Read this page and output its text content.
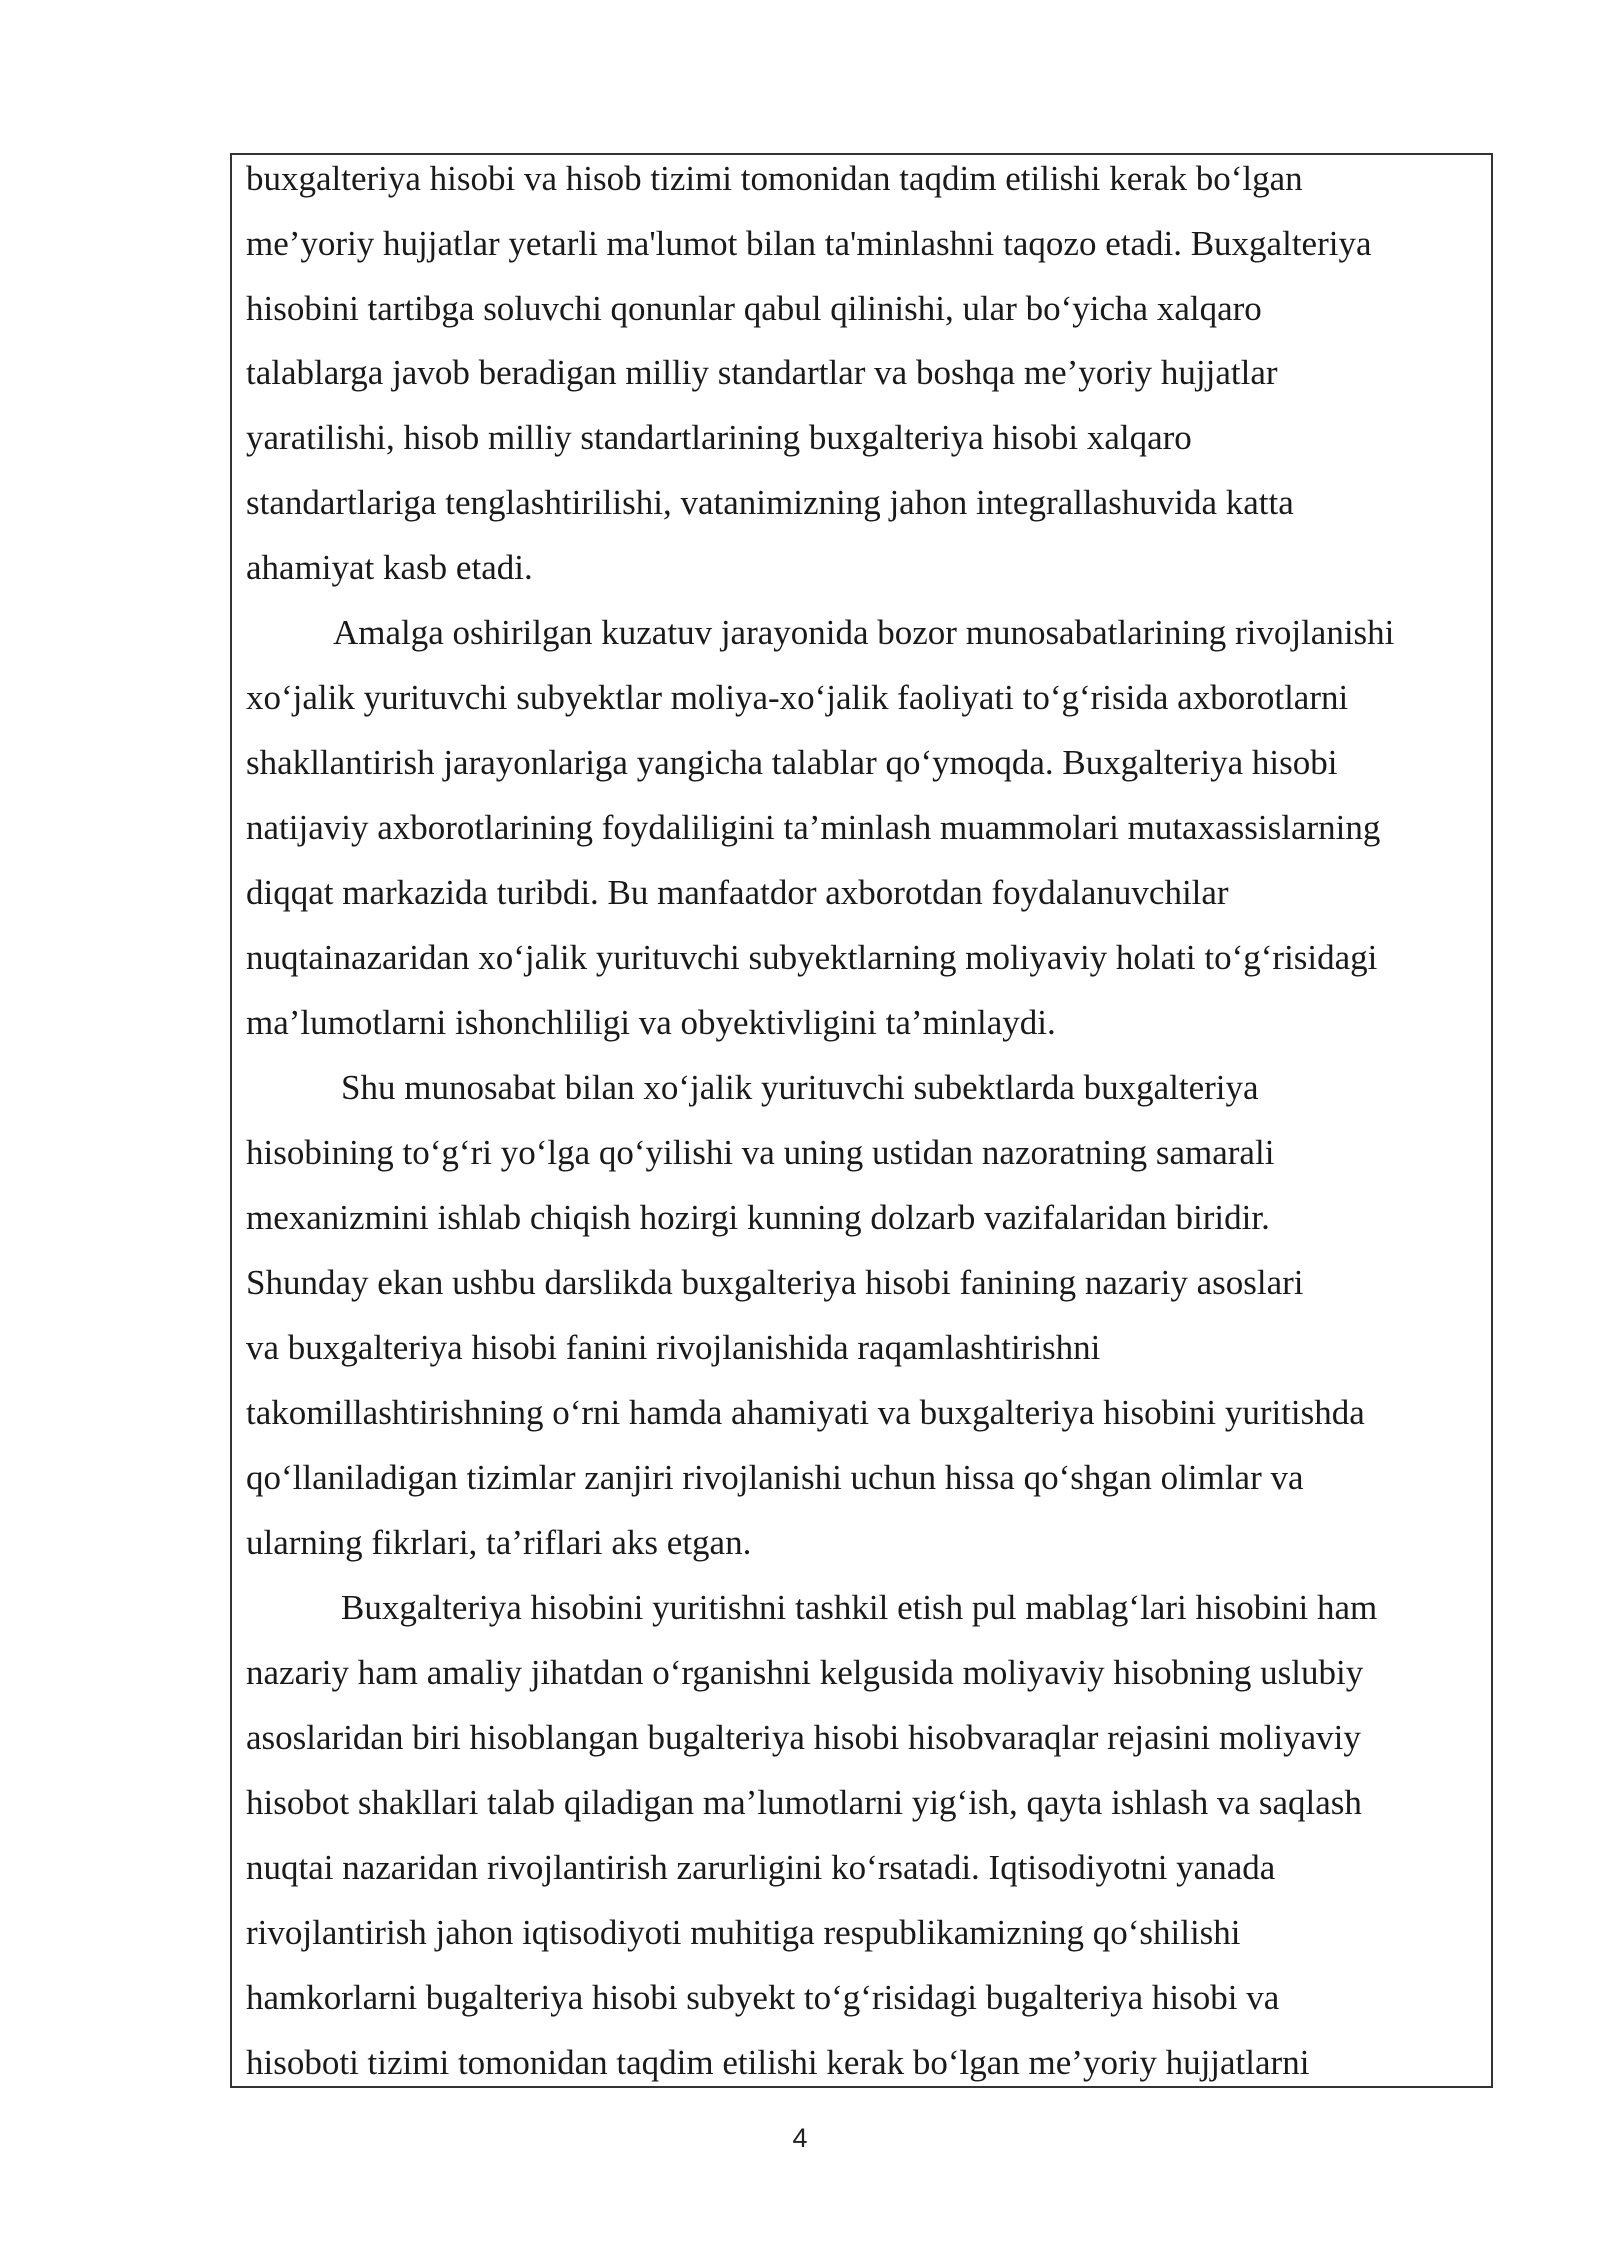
buxgalteriya hisobi va hisob tizimi tomonidan taqdim etilishi kerak bo‘lgan
me’yoriy hujjatlar yetarli ma'lumot bilan ta'minlashni taqozo etadi. Buxgalteriya
hisobini tartibga soluvchi qonunlar qabul qilinishi, ular bo‘yicha xalqaro
talablarga javob beradigan milliy standartlar va boshqa me’yoriy hujjatlar
yaratilishi, hisob milliy standartlarining buxgalteriya hisobi xalqaro
standartlariga tenglashtirilishi, vatanimizning jahon integrallashuvida katta
ahamiyat kasb etadi.
Amalga oshirilgan kuzatuv jarayonida bozor munosabatlarining rivojlanishi
xo‘jalik yurituvchi subyektlar moliya-xo‘jalik faoliyati to‘g‘risida axborotlarni
shakllantirish jarayonlariga yangicha talablar qo‘ymoqda. Buxgalteriya hisobi
natijaviy axborotlarining foydaliligini ta’minlash muammolari mutaxassislarning
diqqat markazida turibdi. Bu manfaatdor axborotdan foydalanuvchilar
nuqtainazaridan xo‘jalik yurituvchi subyektlarning moliyaviy holati to‘g‘risidagi
ma’lumotlarni ishonchliligi va obyektivligini ta’minlaydi.
Shu munosabat bilan xo‘jalik yurituvchi subektlarda buxgalteriya
hisobining to‘g‘ri yo‘lga qo‘yilishi va uning ustidan nazoratning samarali
mexanizmini ishlab chiqish hozirgi kunning dolzarb vazifalaridan biridir.
Shunday ekan ushbu darslikda buxgalteriya hisobi fanining nazariy asoslari
va buxgalteriya hisobi fanini rivojlanishida raqamlashtirishni
takomillashtirishning o‘rni hamda ahamiyati va buxgalteriya hisobini yuritishda
qo‘llaniladigan tizimlar zanjiri rivojlanishi uchun hissa qo‘shgan olimlar va
ularning fikrlari, ta’riflari aks etgan.
Buxgalteriya hisobini yuritishni tashkil etish pul mablag‘lari hisobini ham
nazariy ham amaliy jihatdan o‘rganishni kelgusida moliyaviy hisobning uslubiy
asoslaridan biri hisoblangan bugalteriya hisobi hisobvaraqlar rejasini moliyaviy
hisobot shakllari talab qiladigan ma’lumotlarni yig‘ish, qayta ishlash va saqlash
nuqtai nazaridan rivojlantirish zarurligini ko‘rsatadi. Iqtisodiyotni yanada
rivojlantirish jahon iqtisodiyoti muhitiga respublikamizning qo‘shilishi
hamkorlarni bugalteriya hisobi subyekt to‘g‘risidagi bugalteriya hisobi va
hisoboti tizimi tomonidan taqdim etilishi kerak bo‘lgan me’yoriy hujjatlarni
4
